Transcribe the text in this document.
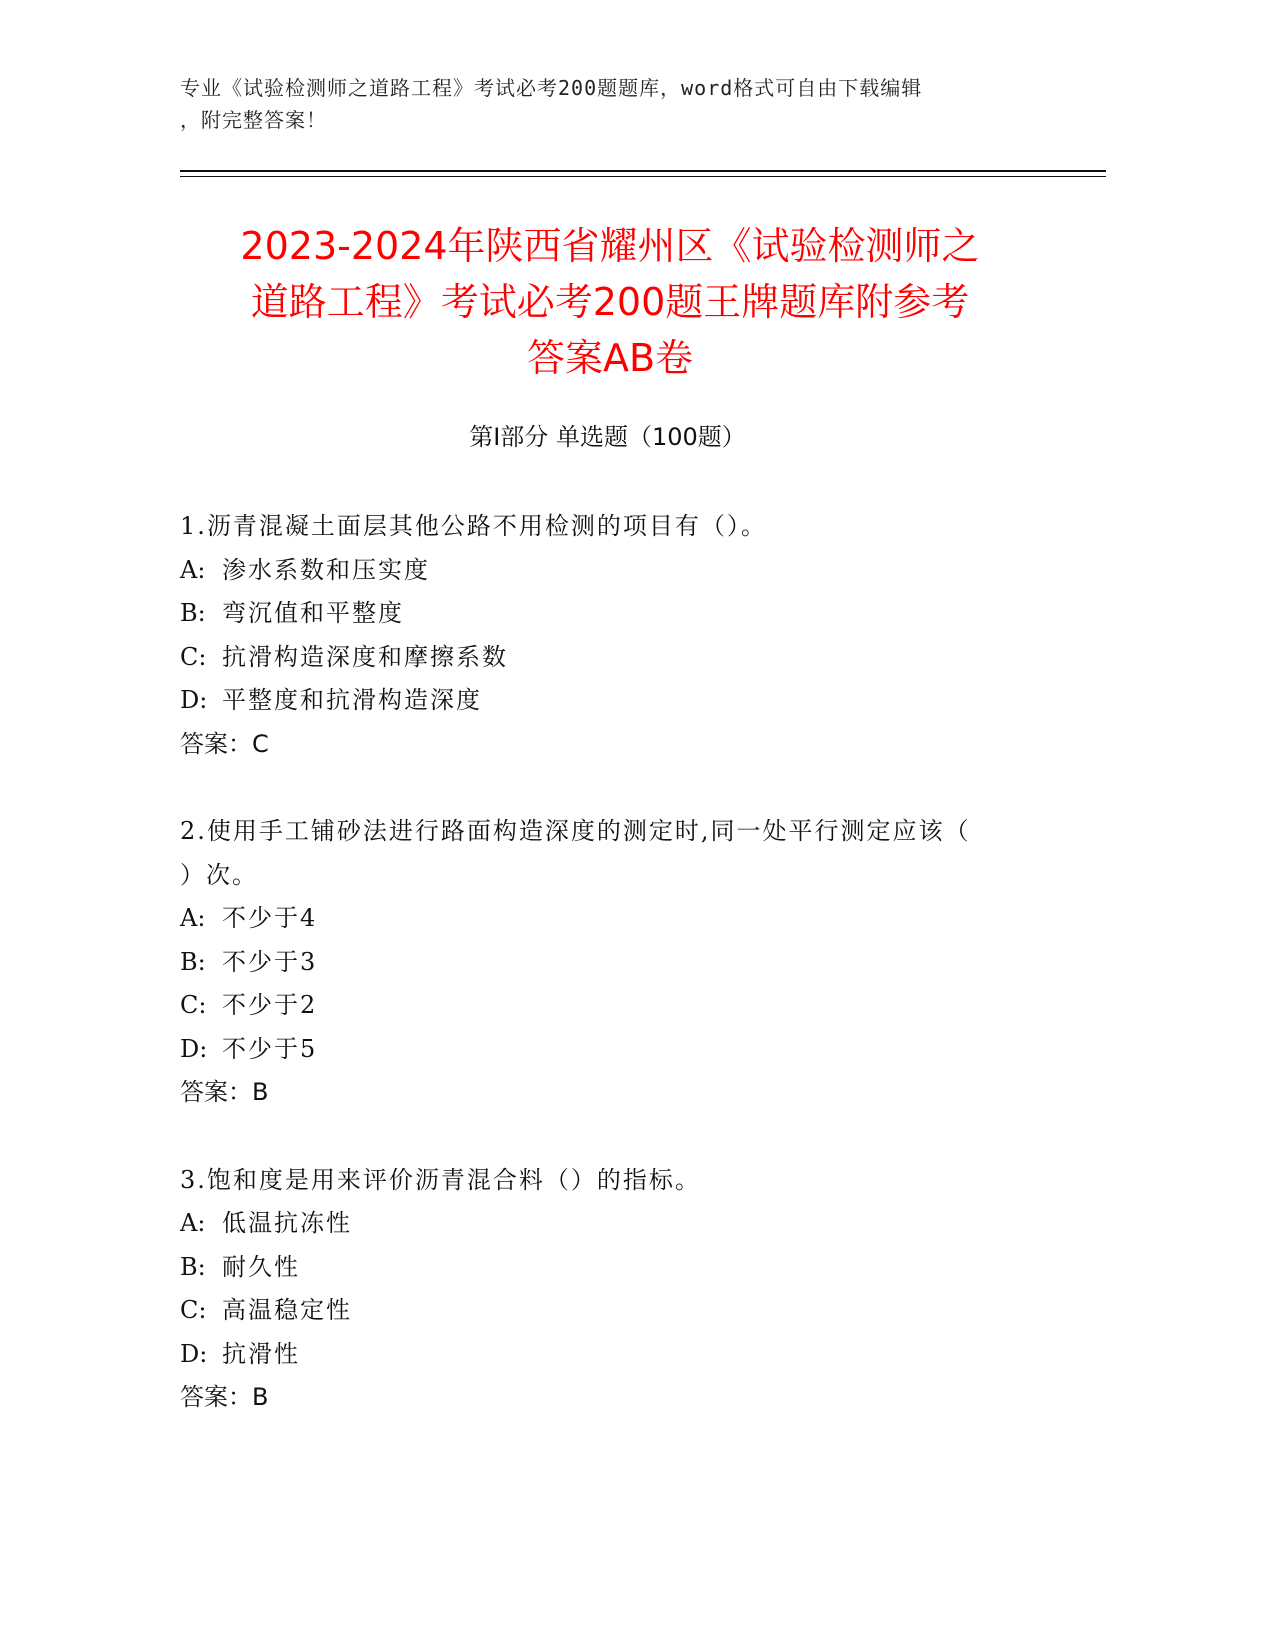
专业《试验检测师之道路工程》考试必考200题题库，word格式可自由下载编辑
，附完整答案！
2023-2024年陕西省耀州区《试验检测师之
道路工程》考试必考200题王牌题库附参考
答案AB卷
第I部分 单选题（100题）

1.沥青混凝土面层其他公路不用检测的项目有（）。

A: 渗水系数和压实度

B: 弯沉值和平整度

C: 抗滑构造深度和摩擦系数

D: 平整度和抗滑构造深度

答案：C

2.使用手工铺砂法进行路面构造深度的测定时,同一处平行测定应该（

）次。

A: 不少于4

B: 不少于3

C: 不少于2

D: 不少于5

答案：B

3.饱和度是用来评价沥青混合料（）的指标。

A: 低温抗冻性

B: 耐久性

C: 高温稳定性

D: 抗滑性

答案：B
